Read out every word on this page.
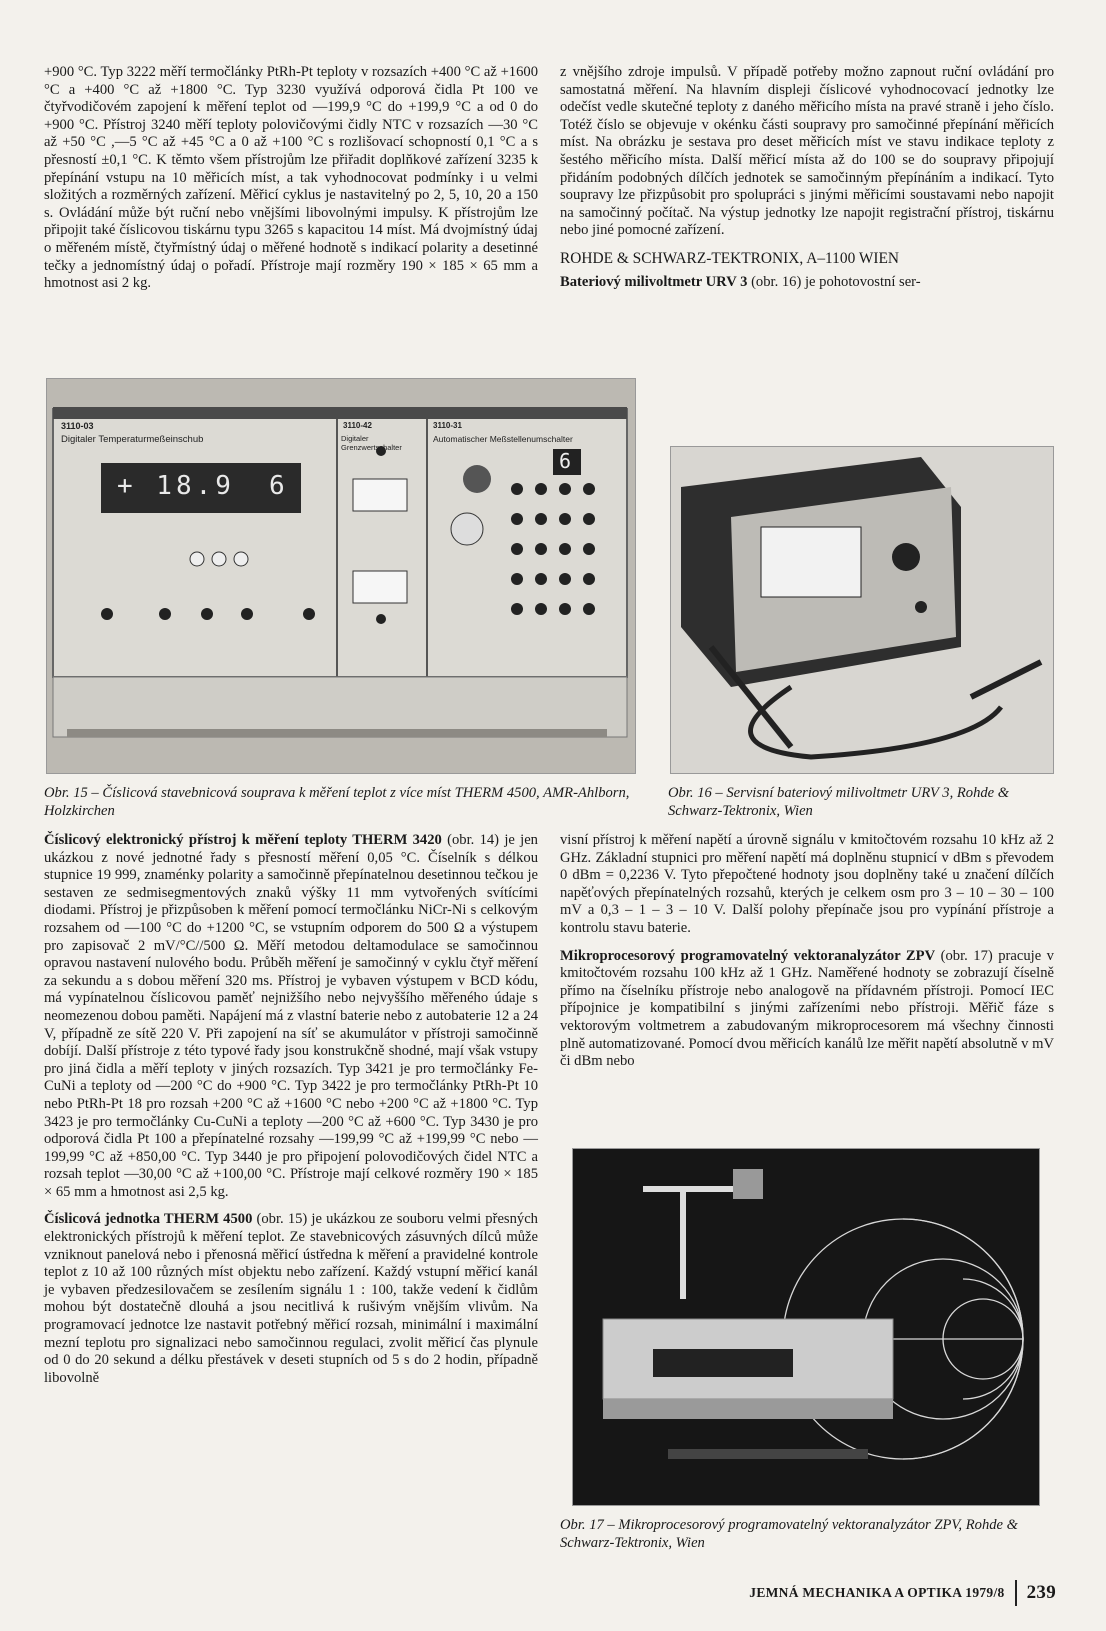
+900 °C. Typ 3222 měří termočlánky PtRh-Pt teploty v rozsazích +400 °C až +1600 °C a +400 °C až +1800 °C. Typ 3230 využívá odporová čidla Pt 100 ve čtyřvodičovém zapojení k měření teplot od —199,9 °C do +199,9 °C a od 0 do +900 °C. Přístroj 3240 měří teploty polovičovými čidly NTC v rozsazích —30 °C až +50 °C ,—5 °C až +45 °C a 0 až +100 °C s rozlišovací schopností 0,1 °C a s přesností ±0,1 °C. K těmto všem přístrojům lze přiřadit doplňkové zařízení 3235 k přepínání vstupu na 10 měřicích míst, a tak vyhodnocovat podmínky i u velmi složitých a rozměrných zařízení. Měřicí cyklus je nastavitelný po 2, 5, 10, 20 a 150 s. Ovládání může být ruční nebo vnějšími libovolnými impulsy. K přístrojům lze připojit také číslicovou tiskárnu typu 3265 s kapacitou 14 míst. Má dvojmístný údaj o měřeném místě, čtyřmístný údaj o měřené hodnotě s indikací polarity a desetinné tečky a jednomístný údaj o pořadí. Přístroje mají rozměry 190 × 185 × 65 mm a hmotnost asi 2 kg.

z vnějšího zdroje impulsů. V případě potřeby možno zapnout ruční ovládání pro samostatná měření. Na hlavním displeji číslicové vyhodnocovací jednotky lze odečíst vedle skutečné teploty z daného měřicího místa na pravé straně i jeho číslo. Totéž číslo se objevuje v okénku části soupravy pro samočinné přepínání měřicích míst. Na obrázku je sestava pro deset měřicích míst ve stavu indikace teploty z šestého měřicího místa. Další měřicí místa až do 100 se do soupravy připojují přidáním podobných dílčích jednotek se samočinným přepínáním a indikací. Tyto soupravy lze přizpůsobit pro spolupráci s jinými měřicími soustavami nebo napojit na samočinný počítač. Na výstup jednotky lze napojit registrační přístroj, tiskárnu nebo jiné pomocné zařízení.

ROHDE & SCHWARZ-TEKTRONIX, A–1100 WIEN

Bateriový milivoltmetr URV 3 (obr. 16) je pohotovostní ser-

3110-03
Digitaler Temperaturmeßeinschub
+ 18.9 6
3110-42
Digitaler Grenzwertschalter
3110-31
Automatischer Meßstellenumschalter
6
Obr. 15 – Číslicová stavebnicová souprava k měření teplot z více míst THERM 4500, AMR-Ahlborn, Holzkirchen
Obr. 16 – Servisní bateriový milivoltmetr URV 3, Rohde & Schwarz-Tektronix, Wien

Číslicový elektronický přístroj k měření teploty THERM 3420 (obr. 14) je jen ukázkou z nové jednotné řady s přesností měření 0,05 °C. Číselník s délkou stupnice 19 999, znaménky polarity a samočinně přepínatelnou desetinnou tečkou je sestaven ze sedmisegmentových znaků výšky 11 mm vytvořených svítícími diodami. Přístroj je přizpůsoben k měření pomocí termočlánku NiCr-Ni s celkovým rozsahem od —100 °C do +1200 °C, se vstupním odporem do 500 Ω a výstupem pro zapisovač 2 mV/°C//500 Ω. Měří metodou deltamodulace se samočinnou opravou nastavení nulového bodu. Průběh měření je samočinný v cyklu čtyř měření za sekundu a s dobou měření 320 ms. Přístroj je vybaven výstupem v BCD kódu, má vypínatelnou číslicovou paměť nejnižšího nebo nejvyššího měřeného údaje s neomezenou dobou paměti. Napájení má z vlastní baterie nebo z autobaterie 12 a 24 V, případně ze sítě 220 V. Při zapojení na síť se akumulátor v přístroji samočinně dobíjí. Další přístroje z této typové řady jsou konstrukčně shodné, mají však vstupy pro jiná čidla a měří teploty v jiných rozsazích. Typ 3421 je pro termočlánky Fe-CuNi a teploty od —200 °C do +900 °C. Typ 3422 je pro termočlánky PtRh-Pt 10 nebo PtRh-Pt 18 pro rozsah +200 °C až +1600 °C nebo +200 °C až +1800 °C. Typ 3423 je pro termočlánky Cu-CuNi a teploty —200 °C až +600 °C. Typ 3430 je pro odporová čidla Pt 100 a přepínatelné rozsahy —199,99 °C až +199,99 °C nebo —199,99 °C až +850,00 °C. Typ 3440 je pro připojení polovodičových čidel NTC a rozsah teplot —30,00 °C až +100,00 °C. Přístroje mají celkové rozměry 190 × 185 × 65 mm a hmotnost asi 2,5 kg.

Číslicová jednotka THERM 4500 (obr. 15) je ukázkou ze souboru velmi přesných elektronických přístrojů k měření teplot. Ze stavebnicových zásuvných dílců může vzniknout panelová nebo i přenosná měřicí ústředna k měření a pravidelné kontrole teplot z 10 až 100 různých míst objektu nebo zařízení. Každý vstupní měřicí kanál je vybaven předzesilovačem se zesílením signálu 1 : 100, takže vedení k čidlům mohou být dostatečně dlouhá a jsou necitlivá k rušivým vnějším vlivům. Na programovací jednotce lze nastavit potřebný měřicí rozsah, minimální i maximální mezní teplotu pro signalizaci nebo samočinnou regulaci, zvolit měřicí čas plynule od 0 do 20 sekund a délku přestávek v deseti stupních od 5 s do 2 hodin, případně libovolně

visní přístroj k měření napětí a úrovně signálu v kmitočtovém rozsahu 10 kHz až 2 GHz. Základní stupnici pro měření napětí má doplněnu stupnicí v dBm s převodem 0 dBm = 0,2236 V. Tyto přepočtené hodnoty jsou doplněny také u značení dílčích napěťových přepínatelných rozsahů, kterých je celkem osm pro 3 – 10 – 30 – 100 mV a 0,3 – 1 – 3 – 10 V. Další polohy přepínače jsou pro vypínání přístroje a kontrolu stavu baterie.

Mikroprocesorový programovatelný vektoranalyzátor ZPV (obr. 17) pracuje v kmitočtovém rozsahu 100 kHz až 1 GHz. Naměřené hodnoty se zobrazují číselně přímo na číselníku přístroje nebo analogově na přídavném přístroji. Pomocí IEC přípojnice je kompatibilní s jinými zařízeními nebo přístroji. Měřič fáze s vektorovým voltmetrem a zabudovaným mikroprocesorem má všechny činnosti plně automatizované. Pomocí dvou měřicích kanálů lze měřit napětí absolutně v mV či dBm nebo

Obr. 17 – Mikroprocesorový programovatelný vektoranalyzátor ZPV, Rohde & Schwarz-Tektronix, Wien
JEMNÁ MECHANIKA A OPTIKA 1979/8 239
